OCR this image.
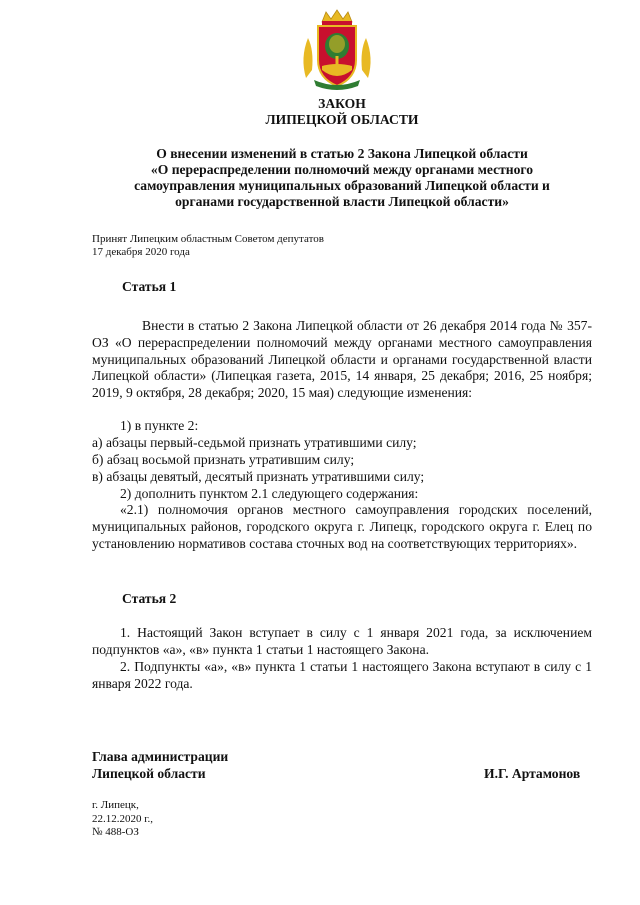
ЗАКОН
ЛИПЕЦКОЙ ОБЛАСТИ
О внесении изменений в статью 2 Закона Липецкой области
«О перераспределении полномочий между органами местного
самоуправления муниципальных образований Липецкой области и
органами государственной власти Липецкой области»
Принят Липецким областным Советом депутатов
17 декабря 2020 года
Статья 1
Внести в статью 2 Закона Липецкой области от 26 декабря 2014 года № 357-ОЗ «О перераспределении полномочий между органами местного самоуправления муниципальных образований Липецкой области и органами государственной власти Липецкой области» (Липецкая газета, 2015, 14 января, 25 декабря; 2016, 25 ноября; 2019, 9 октября, 28 декабря; 2020, 15 мая) следующие изменения:
1) в пункте 2:
а) абзацы первый-седьмой признать утратившими силу;
б) абзац восьмой признать утратившим силу;
в) абзацы девятый, десятый признать утратившими силу;
2) дополнить пунктом 2.1 следующего содержания:
«2.1) полномочия органов местного самоуправления городских поселений, муниципальных районов, городского округа г. Липецк, городского округа г. Елец по установлению нормативов состава сточных вод на соответствующих территориях».
Статья 2
1. Настоящий Закон вступает в силу с 1 января 2021 года, за исключением подпунктов «а», «в» пункта 1 статьи 1 настоящего Закона.
2. Подпункты «а», «в» пункта 1 статьи 1 настоящего Закона вступают в силу с 1 января 2022 года.
Глава администрации
Липецкой области	И.Г. Артамонов
г. Липецк,
22.12.2020 г.,
№ 488-ОЗ
